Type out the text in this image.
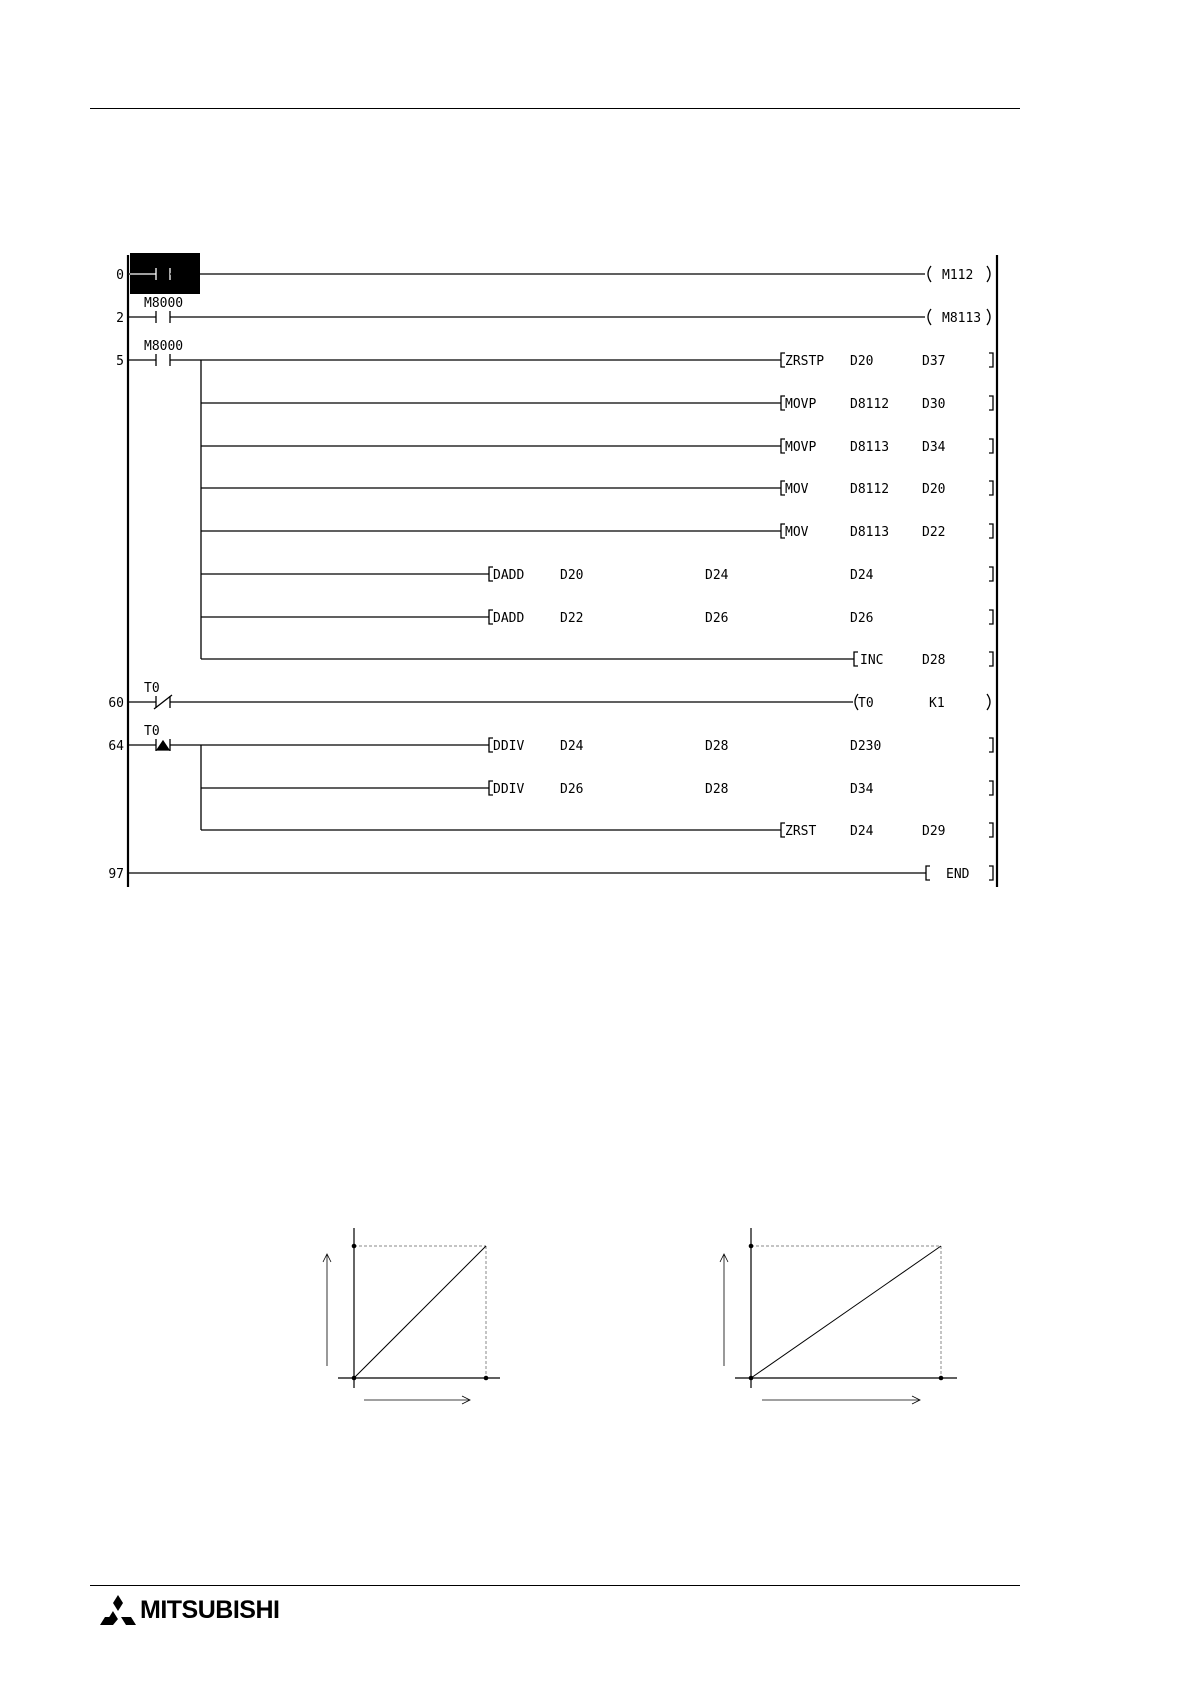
0
M8001
M112
2
M8000
M8113
5
M8000
ZRSTP D20	D37
MOVP	D8112	D30
MOVP	D8113	D34
MOV	D8112	D20
MOV	D8113	D22
DADD	D20	D24	D24
DADD	D22	D26	D26
INC	D28
60
T0
T0	K1
64
T0
DDIV	D24	D28	D230
DDIV	D26	D28	D34
ZRST	D24	D29
97	END
MITSUBISHI
